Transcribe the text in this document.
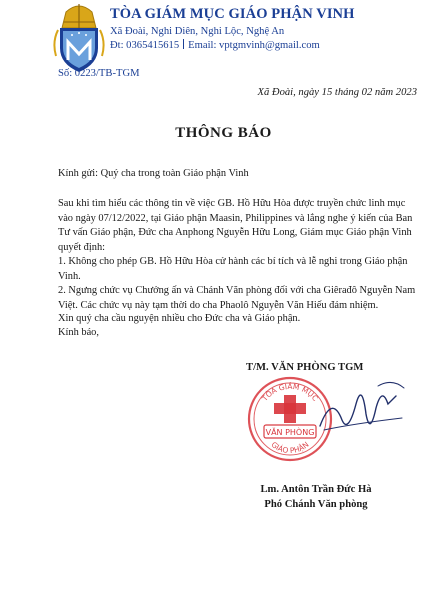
TÒA GIÁM MỤC GIÁO PHẬN VINH
Xã Đoài, Nghi Diên, Nghi Lộc, Nghệ An
Đt: 0365415615 Email: vptgmvinh@gmail.com
Số: 0223/TB-TGM
Xã Đoài, ngày 15 tháng 02 năm 2023
THÔNG BÁO
Kính gửi: Quý cha trong toàn Giáo phận Vinh
Sau khi tìm hiểu các thông tin về việc GB. Hồ Hữu Hòa được truyền chức linh mục vào ngày 07/12/2022, tại Giáo phận Maasin, Philippines và lắng nghe ý kiến của Ban Tư vấn Giáo phận, Đức cha Anphong Nguyễn Hữu Long, Giám mục Giáo phận Vinh quyết định:
1. Không cho phép GB. Hồ Hữu Hòa cử hành các bí tích và lễ nghi trong Giáo phận Vinh.
2. Ngưng chức vụ Chưởng ấn và Chánh Văn phòng đối với cha Giêrađô Nguyễn Nam Việt. Các chức vụ này tạm thời do cha Phaolô Nguyễn Văn Hiếu đảm nhiệm.
Xin quý cha cầu nguyện nhiều cho Đức cha và Giáo phận.
Kính báo,
T/M. VĂN PHÒNG TGM
TÒA GIÁM MỤC
GIÁO PHẬN
VĂN PHÒNG
Lm. Antôn Trần Đức Hà
Phó Chánh Văn phòng
